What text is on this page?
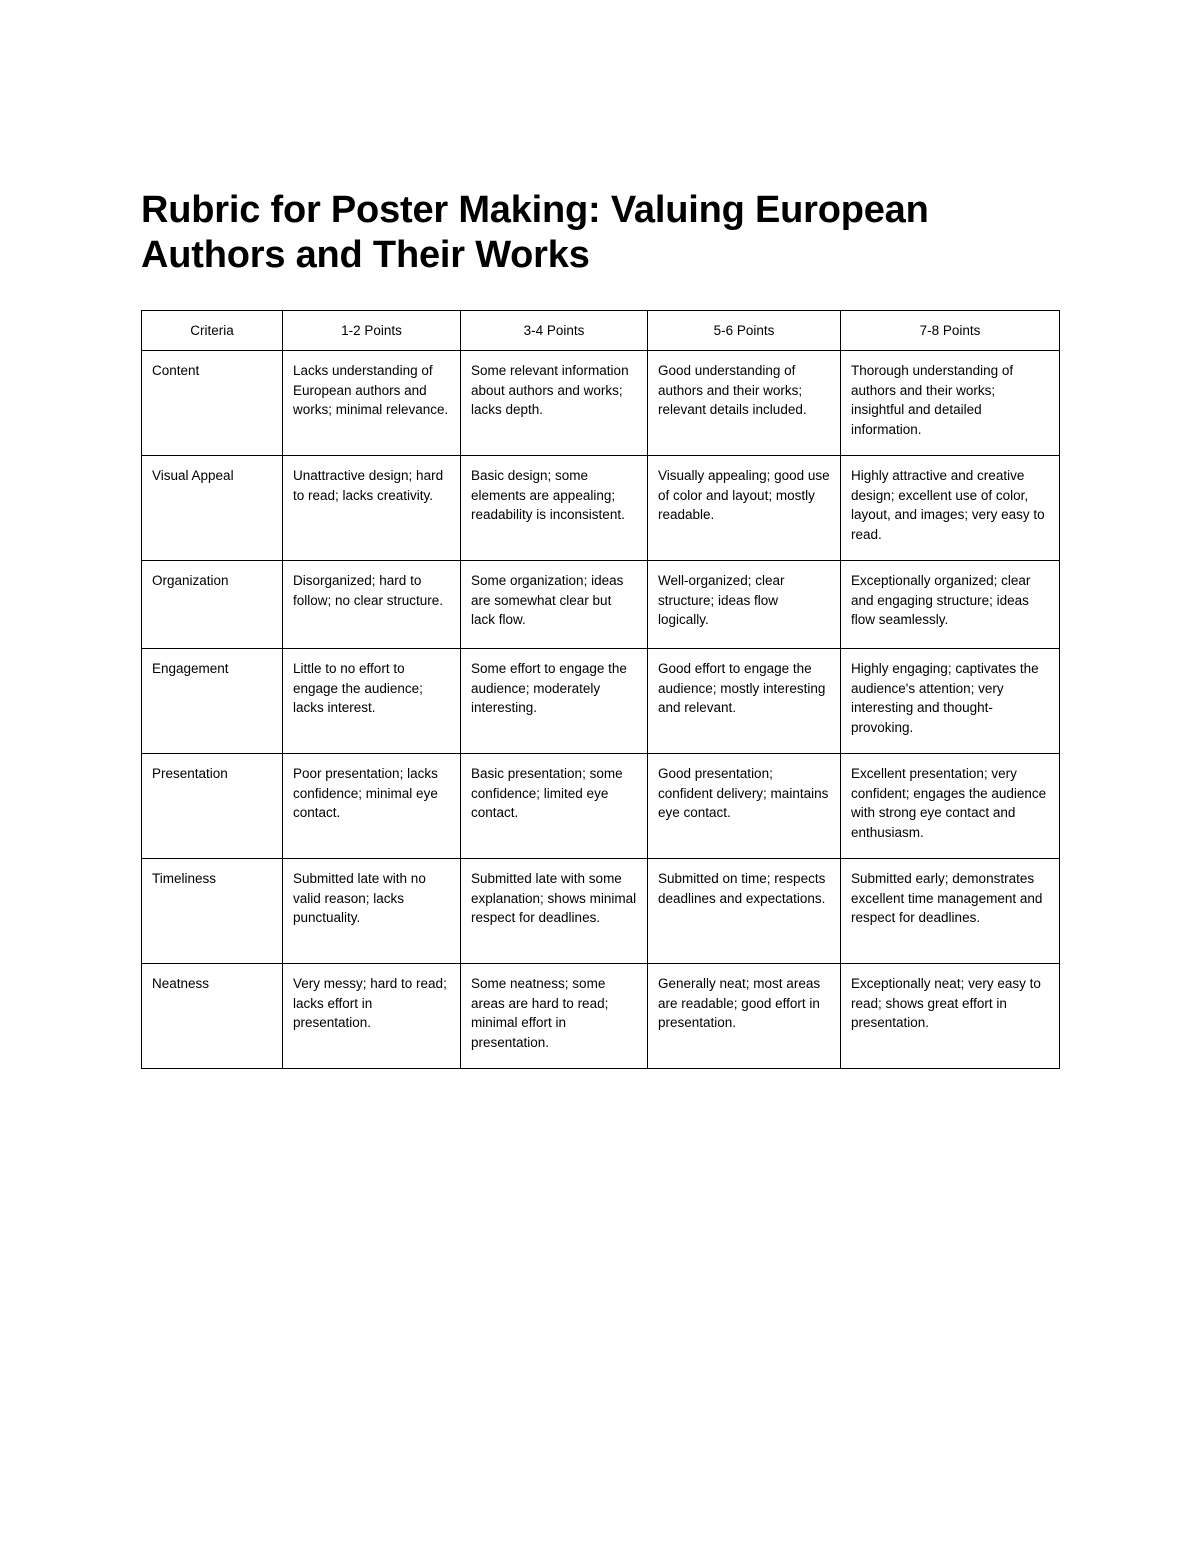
Rubric for Poster Making: Valuing European Authors and Their Works
Criteria	1-2 Points	3-4 Points	5-6 Points	7-8 Points
Content	Lacks understanding of European authors and works; minimal relevance.	Some relevant information about authors and works; lacks depth.	Good understanding of authors and their works; relevant details included.	Thorough understanding of authors and their works; insightful and detailed information.
Visual Appeal	Unattractive design; hard to read; lacks creativity.	Basic design; some elements are appealing; readability is inconsistent.	Visually appealing; good use of color and layout; mostly readable.	Highly attractive and creative design; excellent use of color, layout, and images; very easy to read.
Organization	Disorganized; hard to follow; no clear structure.	Some organization; ideas are somewhat clear but lack flow.	Well-organized; clear structure; ideas flow logically.	Exceptionally organized; clear and engaging structure; ideas flow seamlessly.
Engagement	Little to no effort to engage the audience; lacks interest.	Some effort to engage the audience; moderately interesting.	Good effort to engage the audience; mostly interesting and relevant.	Highly engaging; captivates the audience's attention; very interesting and thought-provoking.
Presentation	Poor presentation; lacks confidence; minimal eye contact.	Basic presentation; some confidence; limited eye contact.	Good presentation; confident delivery; maintains eye contact.	Excellent presentation; very confident; engages the audience with strong eye contact and enthusiasm.
Timeliness	Submitted late with no valid reason; lacks punctuality.	Submitted late with some explanation; shows minimal respect for deadlines.	Submitted on time; respects deadlines and expectations.	Submitted early; demonstrates excellent time management and respect for deadlines.
Neatness	Very messy; hard to read; lacks effort in presentation.	Some neatness; some areas are hard to read; minimal effort in presentation.	Generally neat; most areas are readable; good effort in presentation.	Exceptionally neat; very easy to read; shows great effort in presentation.
